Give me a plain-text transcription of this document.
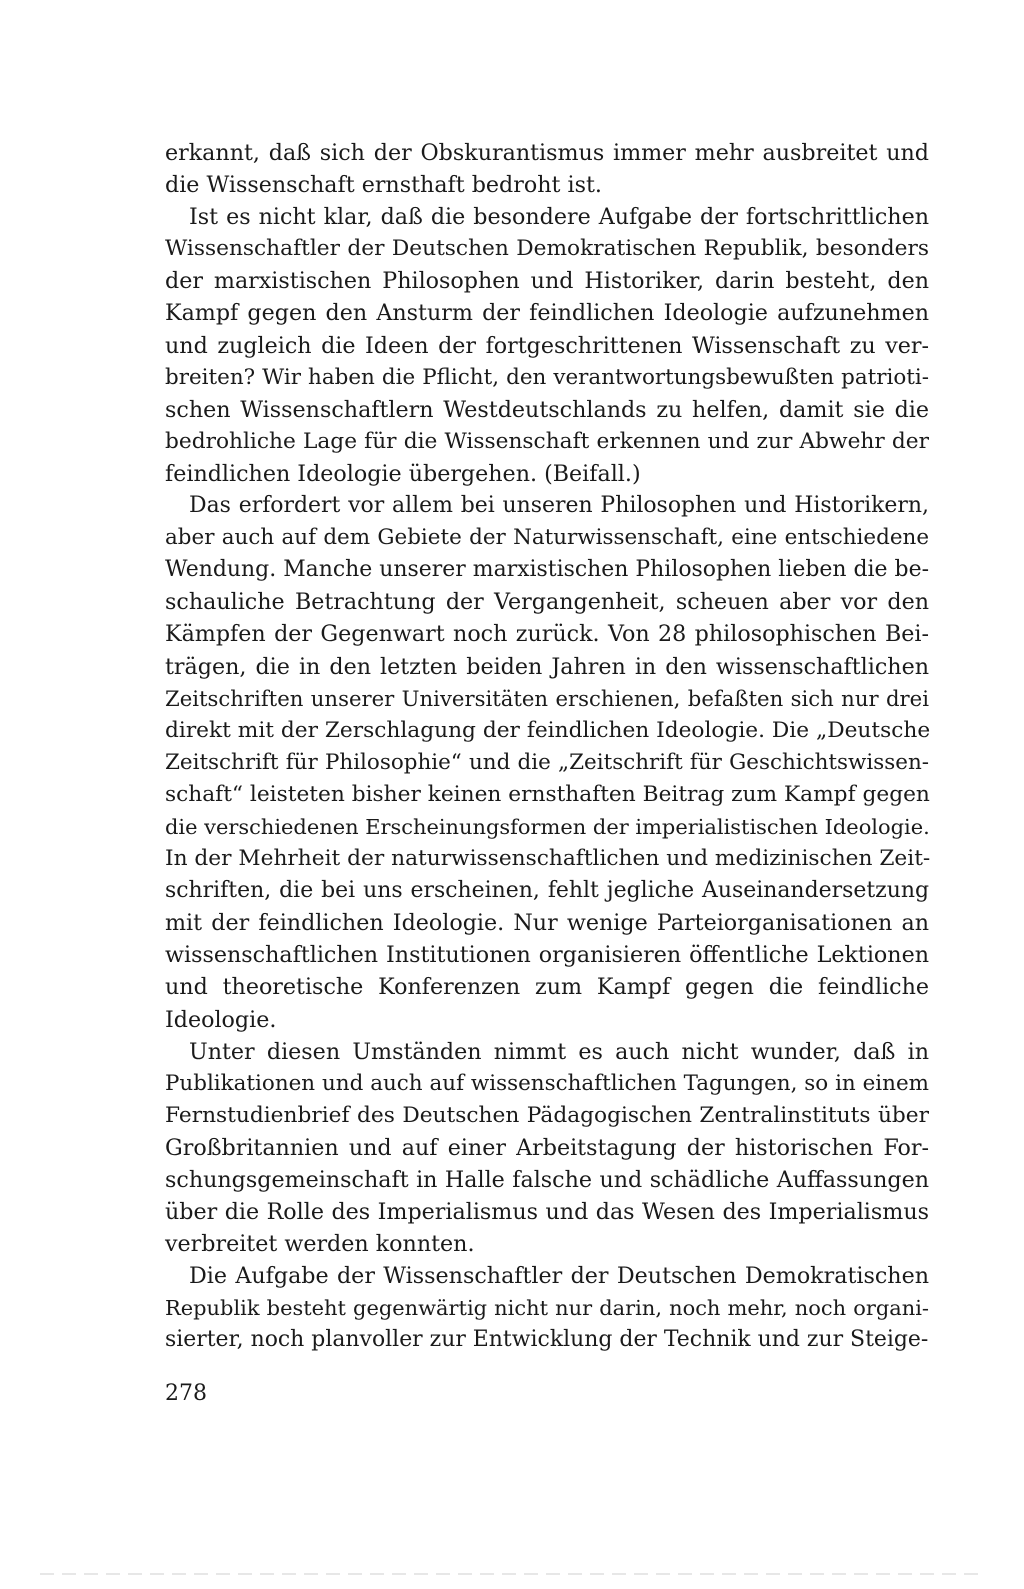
erkannt, daß sich der Obskurantismus immer mehr ausbreitet und
die Wissenschaft ernsthaft bedroht ist.
Ist es nicht klar, daß die besondere Aufgabe der fortschrittlichen
Wissenschaftler der Deutschen Demokratischen Republik, besonders
der marxistischen Philosophen und Historiker, darin besteht, den
Kampf gegen den Ansturm der feindlichen Ideologie aufzunehmen
und zugleich die Ideen der fortgeschrittenen Wissenschaft zu ver-
breiten? Wir haben die Pflicht, den verantwortungsbewußten patrioti-
schen Wissenschaftlern Westdeutschlands zu helfen, damit sie die
bedrohliche Lage für die Wissenschaft erkennen und zur Abwehr der
feindlichen Ideologie übergehen. (Beifall.)
Das erfordert vor allem bei unseren Philosophen und Historikern,
aber auch auf dem Gebiete der Naturwissenschaft, eine entschiedene
Wendung. Manche unserer marxistischen Philosophen lieben die be-
schauliche Betrachtung der Vergangenheit, scheuen aber vor den
Kämpfen der Gegenwart noch zurück. Von 28 philosophischen Bei-
trägen, die in den letzten beiden Jahren in den wissenschaftlichen
Zeitschriften unserer Universitäten erschienen, befaßten sich nur drei
direkt mit der Zerschlagung der feindlichen Ideologie. Die „Deutsche
Zeitschrift für Philosophie“ und die „Zeitschrift für Geschichtswissen-
schaft“ leisteten bisher keinen ernsthaften Beitrag zum Kampf gegen
die verschiedenen Erscheinungsformen der imperialistischen Ideologie.
In der Mehrheit der naturwissenschaftlichen und medizinischen Zeit-
schriften, die bei uns erscheinen, fehlt jegliche Auseinandersetzung
mit der feindlichen Ideologie. Nur wenige Parteiorganisationen an
wissenschaftlichen Institutionen organisieren öffentliche Lektionen
und theoretische Konferenzen zum Kampf gegen die feindliche
Ideologie.
Unter diesen Umständen nimmt es auch nicht wunder, daß in
Publikationen und auch auf wissenschaftlichen Tagungen, so in einem
Fernstudienbrief des Deutschen Pädagogischen Zentralinstituts über
Großbritannien und auf einer Arbeitstagung der historischen For-
schungsgemeinschaft in Halle falsche und schädliche Auffassungen
über die Rolle des Imperialismus und das Wesen des Imperialismus
verbreitet werden konnten.
Die Aufgabe der Wissenschaftler der Deutschen Demokratischen
Republik besteht gegenwärtig nicht nur darin, noch mehr, noch organi-
sierter, noch planvoller zur Entwicklung der Technik und zur Steige-
278
